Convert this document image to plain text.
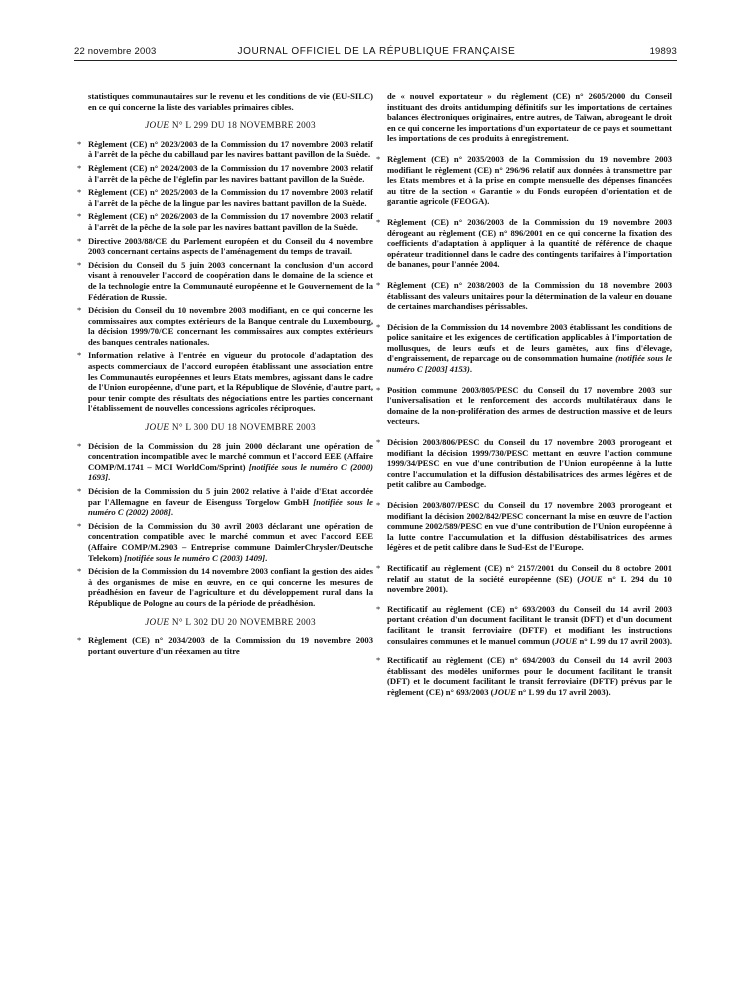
22 novembre 2003	JOURNAL OFFICIEL DE LA RÉPUBLIQUE FRANÇAISE	19893

statistiques communautaires sur le revenu et les conditions de vie (EU-SILC) en ce qui concerne la liste des variables primaires cibles.

JOUE N° L 299 DU 18 NOVEMBRE 2003
* Règlement (CE) n° 2023/2003 de la Commission du 17 novembre 2003 relatif à l'arrêt de la pêche du cabillaud par les navires battant pavillon de la Suède.
* Règlement (CE) n° 2024/2003 de la Commission du 17 novembre 2003 relatif à l'arrêt de la pêche de l'églefin par les navires battant pavillon de la Suède.
* Règlement (CE) n° 2025/2003 de la Commission du 17 novembre 2003 relatif à l'arrêt de la pêche de la lingue par les navires battant pavillon de la Suède.
* Règlement (CE) n° 2026/2003 de la Commission du 17 novembre 2003 relatif à l'arrêt de la pêche de la sole par les navires battant pavillon de la Suède.
* Directive 2003/88/CE du Parlement européen et du Conseil du 4 novembre 2003 concernant certains aspects de l'aménagement du temps de travail.
* Décision du Conseil du 5 juin 2003 concernant la conclusion d'un accord visant à renouveler l'accord de coopération dans le domaine de la science et de la technologie entre la Communauté européenne et le Gouvernement de la Fédération de Russie.
* Décision du Conseil du 10 novembre 2003 modifiant, en ce qui concerne les commissaires aux comptes extérieurs de la Banque centrale du Luxembourg, la décision 1999/70/CE concernant les commissaires aux comptes extérieurs des banques centrales nationales.
* Information relative à l'entrée en vigueur du protocole d'adaptation des aspects commerciaux de l'accord européen établissant une association entre les Communautés européennes et leurs Etats membres, agissant dans le cadre de l'Union européenne, d'une part, et la République de Slovénie, d'autre part, pour tenir compte des résultats des négociations entre les parties concernant l'établissement de nouvelles concessions agricoles réciproques.
JOUE N° L 300 DU 18 NOVEMBRE 2003
* Décision de la Commission du 28 juin 2000 déclarant une opération de concentration incompatible avec le marché commun et l'accord EEE (Affaire COMP/M.1741 – MCI WorldCom/Sprint) [notifiée sous le numéro C (2000) 1693].
* Décision de la Commission du 5 juin 2002 relative à l'aide d'Etat accordée par l'Allemagne en faveur de Eisenguss Torgelow GmbH [notifiée sous le numéro C (2002) 2008].
* Décision de la Commission du 30 avril 2003 déclarant une opération de concentration compatible avec le marché commun et avec l'accord EEE (Affaire COMP/M.2903 – Entreprise commune DaimlerChrysler/Deutsche Telekom) [notifiée sous le numéro C (2003) 1409].
* Décision de la Commission du 14 novembre 2003 confiant la gestion des aides à des organismes de mise en œuvre, en ce qui concerne les mesures de préadhésion en faveur de l'agriculture et du développement rural dans la République de Pologne au cours de la période de préadhésion.
JOUE N° L 302 DU 20 NOVEMBRE 2003
* Règlement (CE) n° 2034/2003 de la Commission du 19 novembre 2003 portant ouverture d'un réexamen au titre

de « nouvel exportateur » du règlement (CE) n° 2605/2000 du Conseil instituant des droits antidumping définitifs sur les importations de certaines balances électroniques originaires, entre autres, de Taïwan, abrogeant le droit en ce qui concerne les importations d'un exportateur de ce pays et soumettant les importations de ces produits à enregistrement.

* Règlement (CE) n° 2035/2003 de la Commission du 19 novembre 2003 modifiant le règlement (CE) n° 296/96 relatif aux données à transmettre par les Etats membres et à la prise en compte mensuelle des dépenses financées au titre de la section « Garantie » du Fonds européen d'orientation et de garantie agricole (FEOGA).
* Règlement (CE) n° 2036/2003 de la Commission du 19 novembre 2003 dérogeant au règlement (CE) n° 896/2001 en ce qui concerne la fixation des coefficients d'adaptation à appliquer à la quantité de référence de chaque opérateur traditionnel dans le cadre des contingents tarifaires à l'importation de bananes, pour l'année 2004.
* Règlement (CE) n° 2038/2003 de la Commission du 18 novembre 2003 établissant des valeurs unitaires pour la détermination de la valeur en douane de certaines marchandises périssables.
* Décision de la Commission du 14 novembre 2003 établissant les conditions de police sanitaire et les exigences de certification applicables à l'importation de mollusques, de leurs œufs et de leurs gamètes, aux fins d'élevage, d'engraissement, de reparcage ou de consommation humaine (notifiée sous le numéro C [2003] 4153).
* Position commune 2003/805/PESC du Conseil du 17 novembre 2003 sur l'universalisation et le renforcement des accords multilatéraux dans le domaine de la non-prolifération des armes de destruction massive et de leurs vecteurs.
* Décision 2003/806/PESC du Conseil du 17 novembre 2003 prorogeant et modifiant la décision 1999/730/PESC mettant en œuvre l'action commune 1999/34/PESC en vue d'une contribution de l'Union européenne à la lutte contre l'accumulation et la diffusion déstabilisatrices des armes légères et de petit calibre au Cambodge.
* Décision 2003/807/PESC du Conseil du 17 novembre 2003 prorogeant et modifiant la décision 2002/842/PESC concernant la mise en œuvre de l'action commune 2002/589/PESC en vue d'une contribution de l'Union européenne à la lutte contre l'accumulation et la diffusion déstabilisatrices des armes légères et de petit calibre dans le Sud-Est de l'Europe.
* Rectificatif au règlement (CE) n° 2157/2001 du Conseil du 8 octobre 2001 relatif au statut de la société européenne (SE) (JOUE n° L 294 du 10 novembre 2001).
* Rectificatif au règlement (CE) n° 693/2003 du Conseil du 14 avril 2003 portant création d'un document facilitant le transit (DFT) et d'un document facilitant le transit ferroviaire (DFTF) et modifiant les instructions consulaires communes et le manuel commun (JOUE n° L 99 du 17 avril 2003).
* Rectificatif au règlement (CE) n° 694/2003 du Conseil du 14 avril 2003 établissant des modèles uniformes pour le document facilitant le transit (DFT) et le document facilitant le transit ferroviaire (DFTF) prévus par le règlement (CE) n° 693/2003 (JOUE n° L 99 du 17 avril 2003).
